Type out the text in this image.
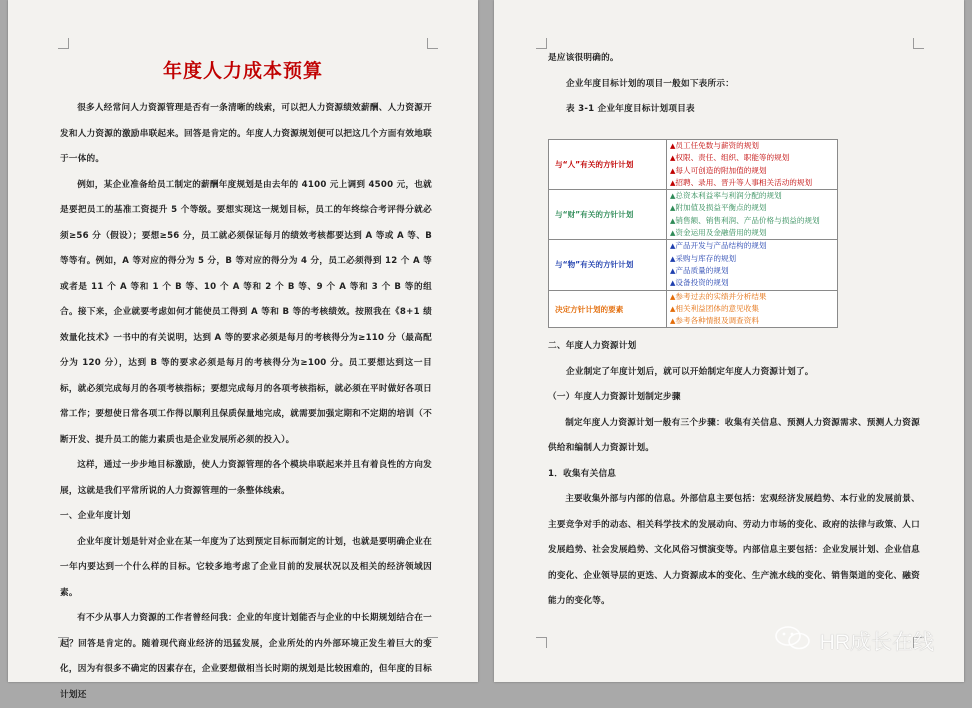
年度人力成本预算

很多人经常问人力资源管理是否有一条清晰的线索，可以把人力资源绩效薪酬、人力资源开发和人力资源的激励串联起来。回答是肯定的。年度人力资源规划便可以把这几个方面有效地联于一体的。

例如，某企业准备给员工制定的薪酬年度规划是由去年的 4100 元上调到 4500 元，也就是要把员工的基准工资提升 5 个等级。要想实现这一规划目标，员工的年终综合考评得分就必须≥56 分（假设）；要想≥56 分，员工就必须保证每月的绩效考核都要达到 A 等或 A 等、B 等等有。例如，A 等对应的得分为 5 分，B 等对应的得分为 4 分，员工必须得到 12 个 A 等或者是 11 个 A 等和 1 个 B 等、10 个 A 等和 2 个 B 等、9 个 A 等和 3 个 B 等的组合。接下来，企业就要考虑如何才能使员工得到 A 等和 B 等的考核绩效。按照我在《8+1 绩效量化技术》一书中的有关说明，达到 A 等的要求必须是每月的考核得分为≥110 分（最高配分为 120 分），达到 B 等的要求必须是每月的考核得分为≥100 分。员工要想达到这一目标，就必须完成每月的各项考核指标；要想完成每月的各项考核指标，就必须在平时做好各项日常工作；要想使日常各项工作得以顺利且保质保量地完成，就需要加强定期和不定期的培训（不断开发、提升员工的能力素质也是企业发展所必须的投入）。

这样，通过一步步地目标激励，使人力资源管理的各个模块串联起来并且有着良性的方向发展，这就是我们平常所说的人力资源管理的一条整体线索。

一、企业年度计划

企业年度计划是针对企业在某一年度为了达到预定目标而制定的计划，也就是要明确企业在一年内要达到一个什么样的目标。它较多地考虑了企业目前的发展状况以及相关的经济领域因素。

有不少从事人力资源的工作者曾经问我：企业的年度计划能否与企业的中长期规划结合在一起？回答是肯定的。随着现代商业经济的迅猛发展，企业所处的内外部环境正发生着巨大的变化，因为有很多不确定的因素存在，企业要想做相当长时期的规划是比较困难的，但年度的目标计划还

是应该很明确的。

企业年度目标计划的项目一般如下表所示：

表 3-1 企业年度目标计划项目表

与“人”有关的方针计划	▲员工任免数与薪资的规划
▲权限、责任、组织、职能等的规划
▲每人可创造的附加值的规划
▲招聘、录用、晋升等人事相关活动的规划

与“财”有关的方针计划	▲总资本利益率与利润分配的规划
▲附加值及损益平衡点的规划
▲销售额、销售利润、产品价格与损益的规划
▲资金运用及金融借用的规划

与“物”有关的方针计划	▲产品开发与产品结构的规划
▲采购与库存的规划
▲产品质量的规划
▲设备投资的规划

决定方针计划的要素	▲参考过去的实绩并分析结果
▲相关利益团体的意见收集
▲参考各种情报及调查资料

二、年度人力资源计划

企业制定了年度计划后，就可以开始制定年度人力资源计划了。

（一）年度人力资源计划制定步骤

制定年度人力资源计划一般有三个步骤：收集有关信息、预测人力资源需求、预测人力资源供给和编制人力资源计划。

1．收集有关信息

主要收集外部与内部的信息。外部信息主要包括：宏观经济发展趋势、本行业的发展前景、主要竞争对手的动态、相关科学技术的发展动向、劳动力市场的变化、政府的法律与政策、人口发展趋势、社会发展趋势、文化风俗习惯演变等。内部信息主要包括：企业发展计划、企业信息的变化、企业领导层的更迭、人力资源成本的变化、生产流水线的变化、销售渠道的变化、融资能力的变化等。

HR成长在线
